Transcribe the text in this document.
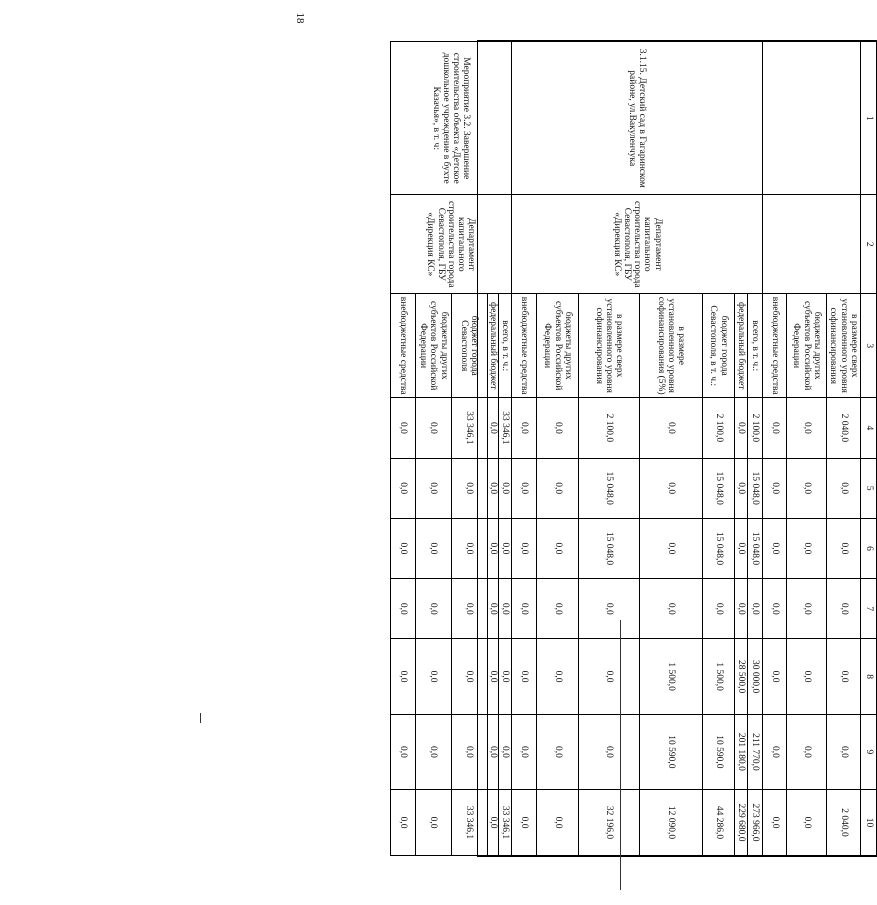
18
1	2	3	4	5	6	7	8	9	10
		в размере сверх установленного уровня софинансирования	2 040,0	0,0	0,0	0,0	0,0	0,0	2 040,0
		бюджеты других субъектов Российской Федерации	0,0	0,0	0,0	0,0	0,0	0,0	0,0
		внебюджетные средства	0,0	0,0	0,0	0,0	0,0	0,0	0,0
3.1.15. Детский сад в Гагаринском районе, ул.Вакуленчука	Департамент капитального строительства города Севастополя, ГБУ «Дирекция КС»	всего, в т. ч.:	2 100,0	15 048,0	15 048,0	0,0	30 000,0	211 770,0	273 966,0
		федеральный бюджет	0,0	0,0	0,0	0,0	28 500,0	201 180,0	229 680,0
		бюджет города Севастополя, в т. ч.:	2 100,0	15 048,0	15 048,0	0,0	1 500,0	10 590,0	44 286,0
		в размере установленного уровня софинансирования (5%)	0,0	0,0	0,0	0,0	1 500,0	10 590,0	12 090,0
		в размере сверх установленного уровня софинансирования	2 100,0	15 048,0	15 048,0	0,0	0,0	0,0	32 196,0
		бюджеты других субъектов Российской Федерации	0,0	0,0	0,0	0,0	0,0	0,0	0,0
		внебюджетные средства	0,0	0,0	0,0	0,0	0,0	0,0	0,0
Мероприятие 3.2. Завершение строительства объекта «Детское дошкольное учреждение в бухте Казачья», в т. ч:	Департамент капитального строительства города Севастополя, ГБУ «Дирекция КС»	всего, в т. ч.:	33 346,1	0,0	0,0	0,0	0,0	0,0	33 346,1
		федеральный бюджет	0,0	0,0	0,0	0,0	0,0	0,0	0,0
		бюджет города Севастополя	33 346,1	0,0	0,0	0,0	0,0	0,0	33 346,1
		бюджеты других субъектов Российской Федерации	0,0	0,0	0,0	0,0	0,0	0,0	0,0
		внебюджетные средства	0,0	0,0	0,0	0,0	0,0	0,0	0,0
